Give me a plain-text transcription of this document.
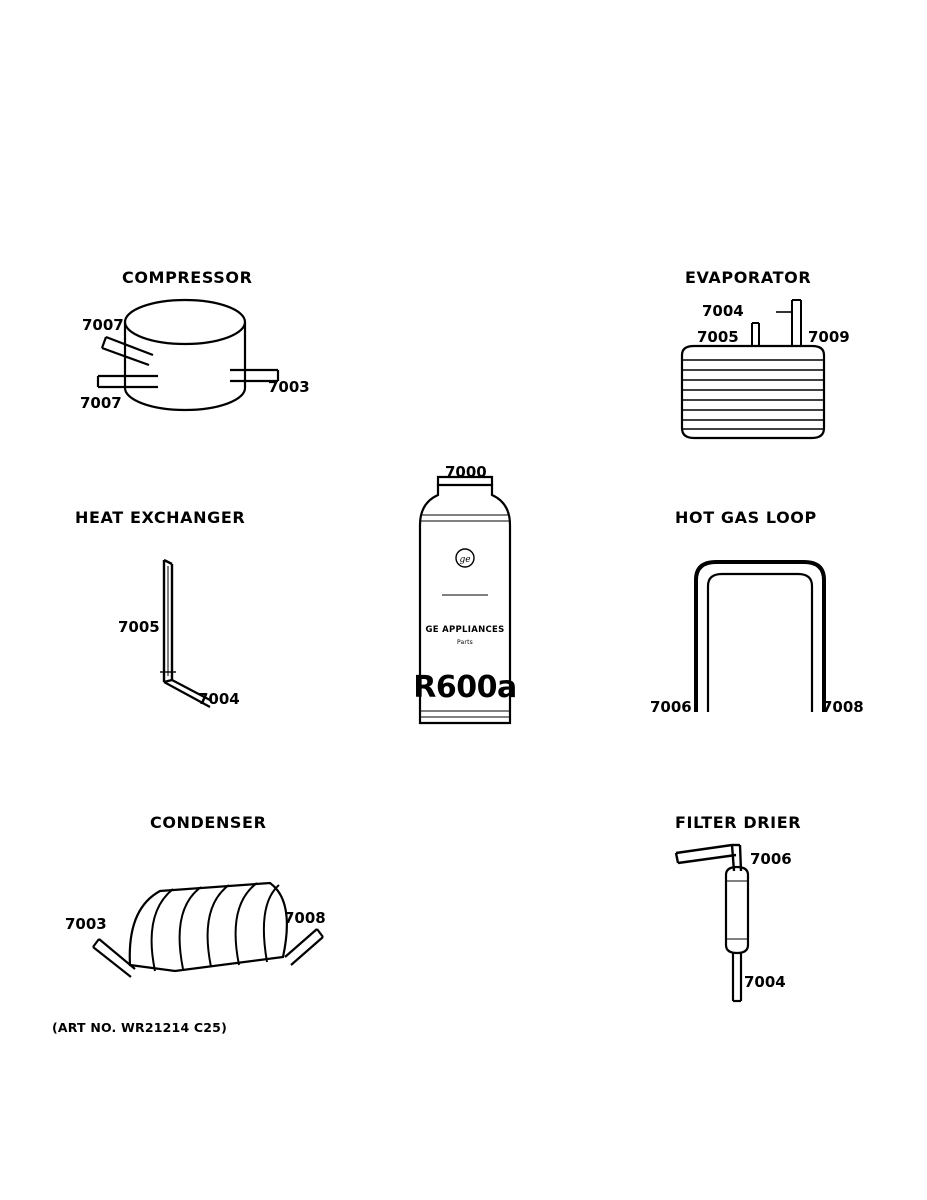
COMPRESSOR
7007
7007
7003
EVAPORATOR
7004
7005	7009
HEAT EXCHANGER
7005
7004
7000
ge
GE APPLIANCES
Parts
R600a
HOT GAS LOOP
7006	7008
CONDENSER
7003	7008
FILTER DRIER
7006
7004
(ART NO. WR21214 C25)
